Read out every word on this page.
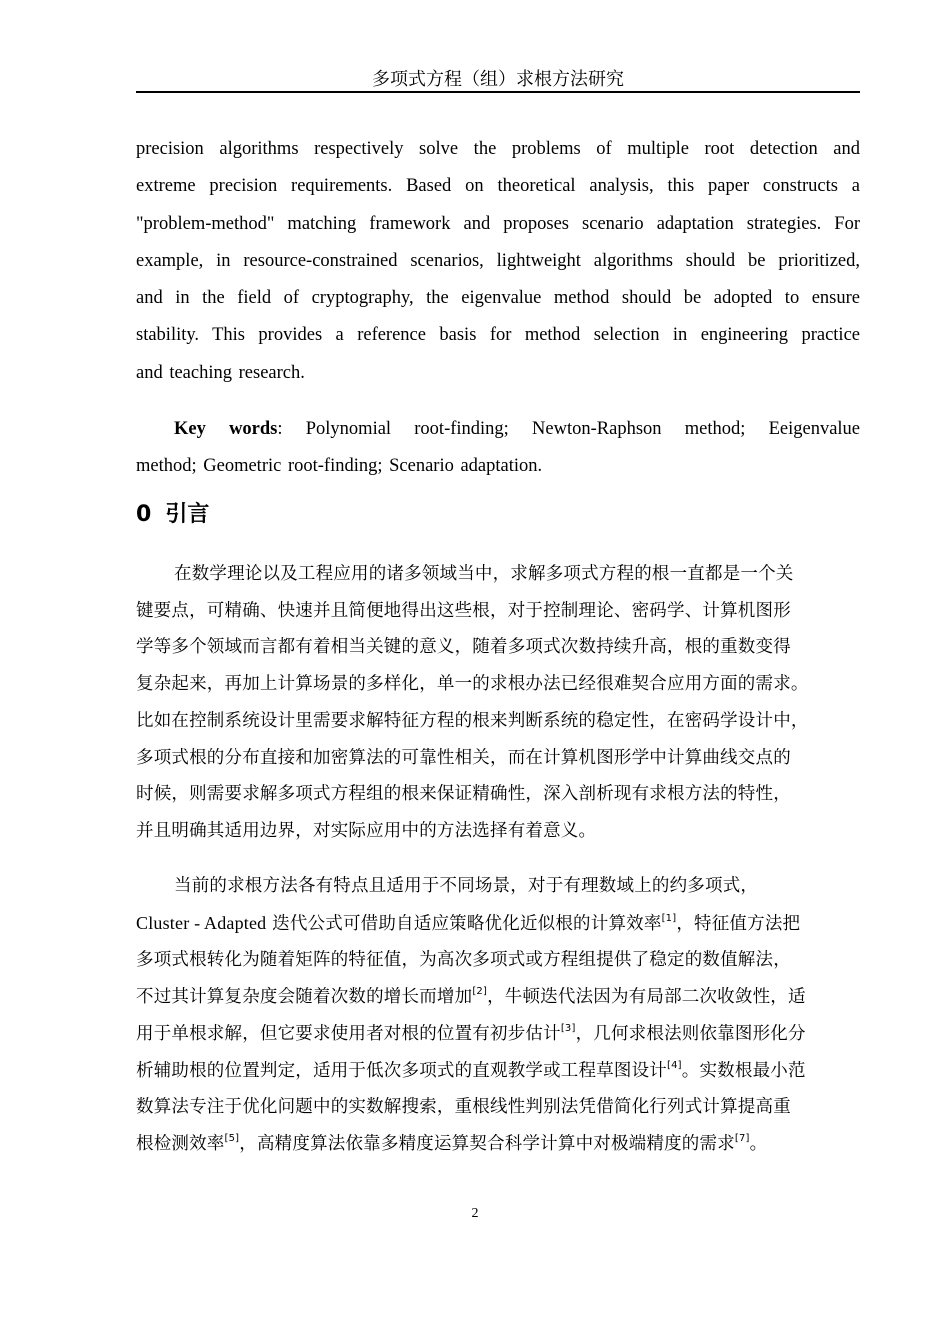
多项式方程（组）求根方法研究
precision algorithms respectively solve the problems of multiple root detection and
extreme precision requirements. Based on theoretical analysis, this paper constructs a
"problem-method" matching framework and proposes scenario adaptation strategies. For
example, in resource-constrained scenarios, lightweight algorithms should be prioritized,
and in the field of cryptography, the eigenvalue method should be adopted to ensure
stability. This provides a reference basis for method selection in engineering practice
and teaching research.
Key words: Polynomial root-finding; Newton-Raphson method; Eeigenvalue
method; Geometric root-finding; Scenario adaptation.
0 引言
在数学理论以及工程应用的诸多领域当中，求解多项式方程的根一直都是一个关
键要点，可精确、快速并且简便地得出这些根，对于控制理论、密码学、计算机图形
学等多个领域而言都有着相当关键的意义，随着多项式次数持续升高，根的重数变得
复杂起来，再加上计算场景的多样化，单一的求根办法已经很难契合应用方面的需求。
比如在控制系统设计里需要求解特征方程的根来判断系统的稳定性，在密码学设计中，
多项式根的分布直接和加密算法的可靠性相关，而在计算机图形学中计算曲线交点的
时候，则需要求解多项式方程组的根来保证精确性，深入剖析现有求根方法的特性，
并且明确其适用边界，对实际应用中的方法选择有着意义。
当前的求根方法各有特点且适用于不同场景，对于有理数域上的约多项式，
Cluster - Adapted 迭代公式可借助自适应策略优化近似根的计算效率[1]，特征值方法把
多项式根转化为随着矩阵的特征值，为高次多项式或方程组提供了稳定的数值解法，
不过其计算复杂度会随着次数的增长而增加[2]，牛顿迭代法因为有局部二次收敛性，适
用于单根求解，但它要求使用者对根的位置有初步估计[3]，几何求根法则依靠图形化分
析辅助根的位置判定，适用于低次多项式的直观教学或工程草图设计[4]。实数根最小范
数算法专注于优化问题中的实数解搜索，重根线性判别法凭借简化行列式计算提高重
根检测效率[5]，高精度算法依靠多精度运算契合科学计算中对极端精度的需求[7]。
2
